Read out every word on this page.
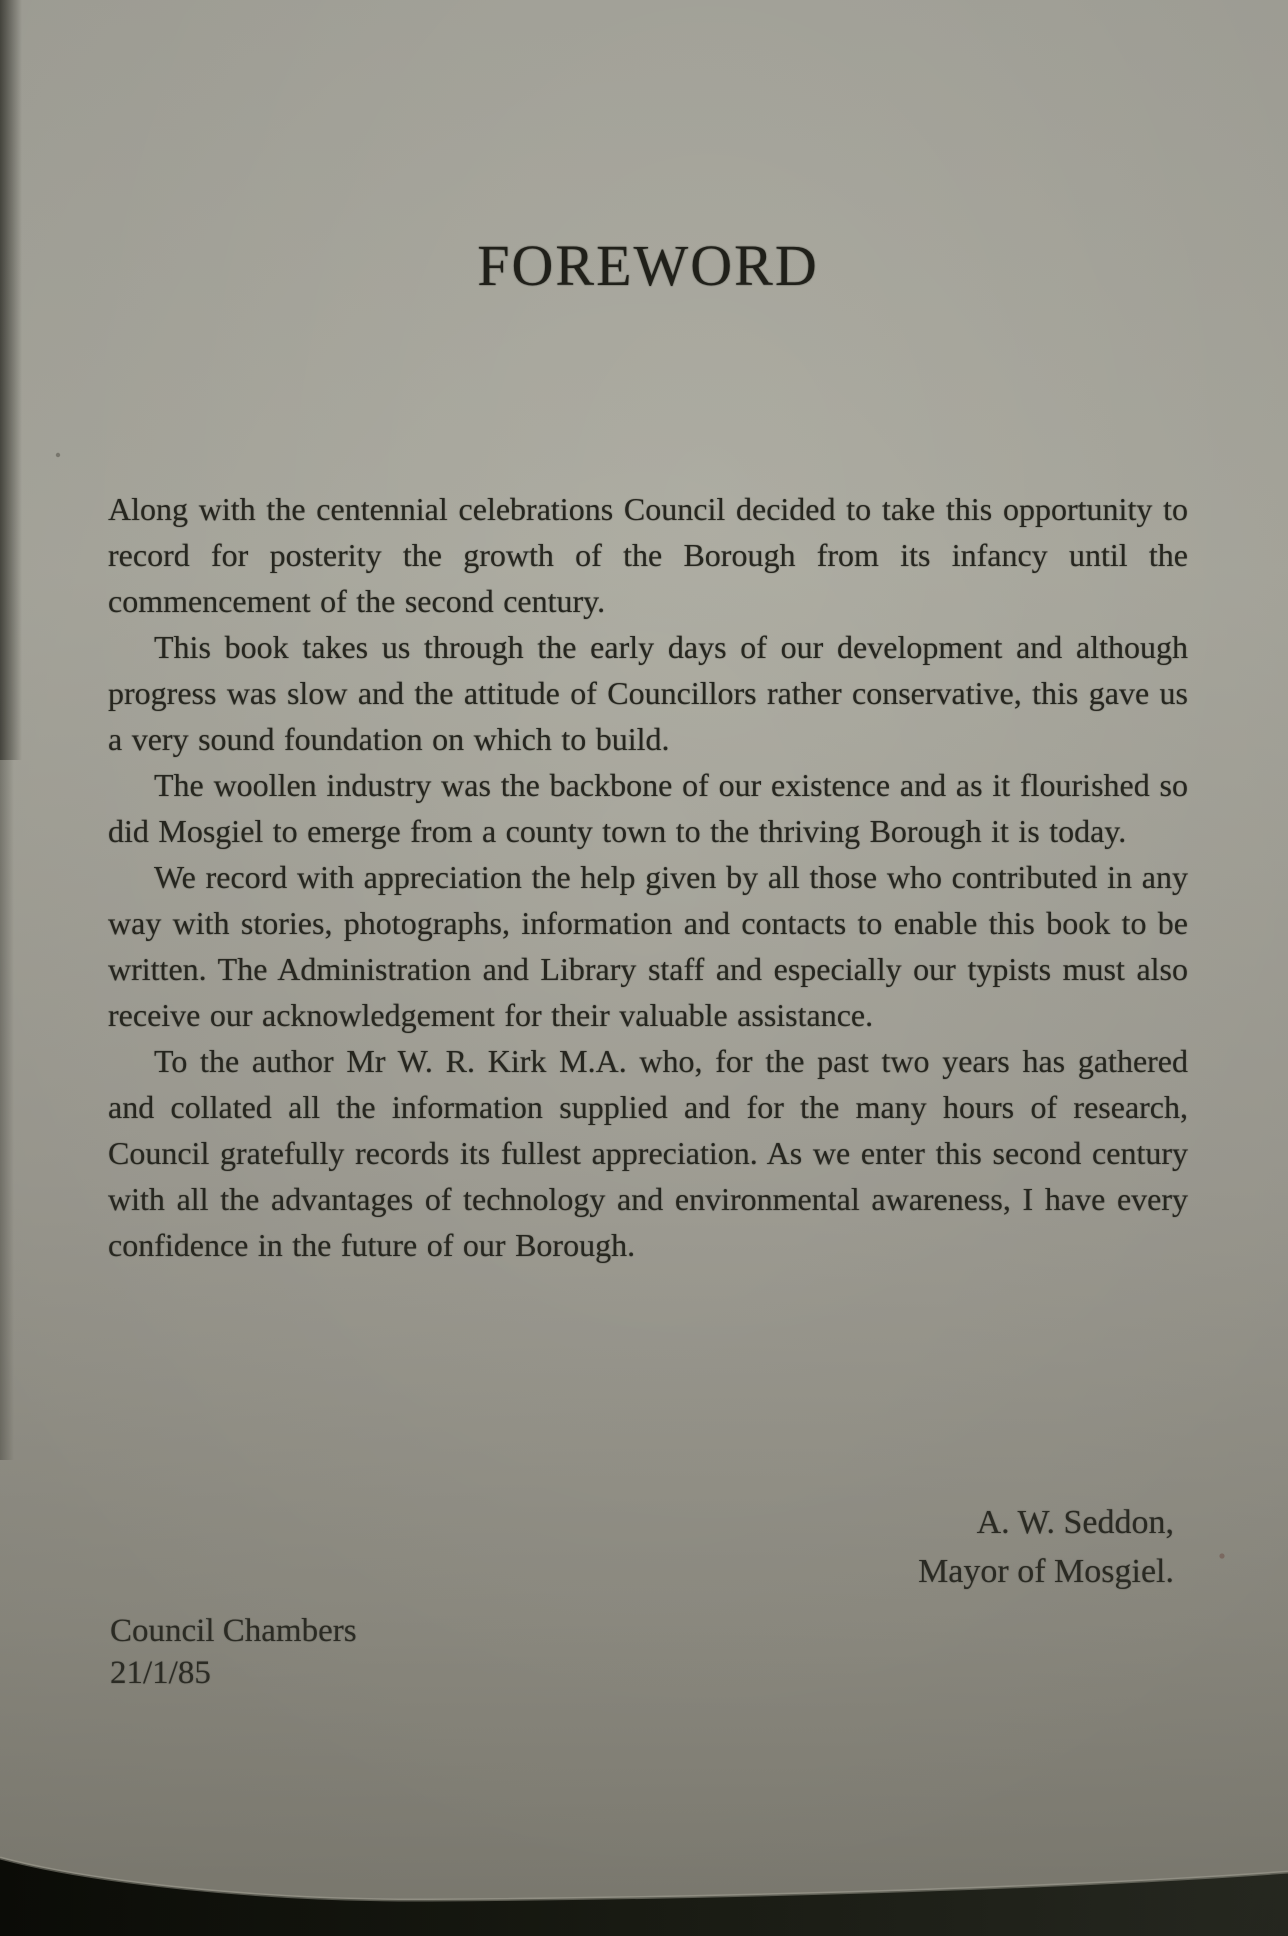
FOREWORD

Along with the centennial celebrations Council decided to take this opportunity to record for posterity the growth of the Borough from its infancy until the commencement of the second century.

This book takes us through the early days of our development and although progress was slow and the attitude of Councillors rather conservative, this gave us a very sound foundation on which to build.

The woollen industry was the backbone of our existence and as it flourished so did Mosgiel to emerge from a county town to the thriving Borough it is today.

We record with appreciation the help given by all those who contributed in any way with stories, photographs, information and contacts to enable this book to be written. The Administration and Library staff and especially our typists must also receive our acknowledgement for their valuable assistance.

To the author Mr W. R. Kirk M.A. who, for the past two years has gathered and collated all the information supplied and for the many hours of research, Council gratefully records its fullest appreciation. As we enter this second century with all the advantages of technology and environmental awareness, I have every confidence in the future of our Borough.

A. W. Seddon,
Mayor of Mosgiel.
Council Chambers
21/1/85
